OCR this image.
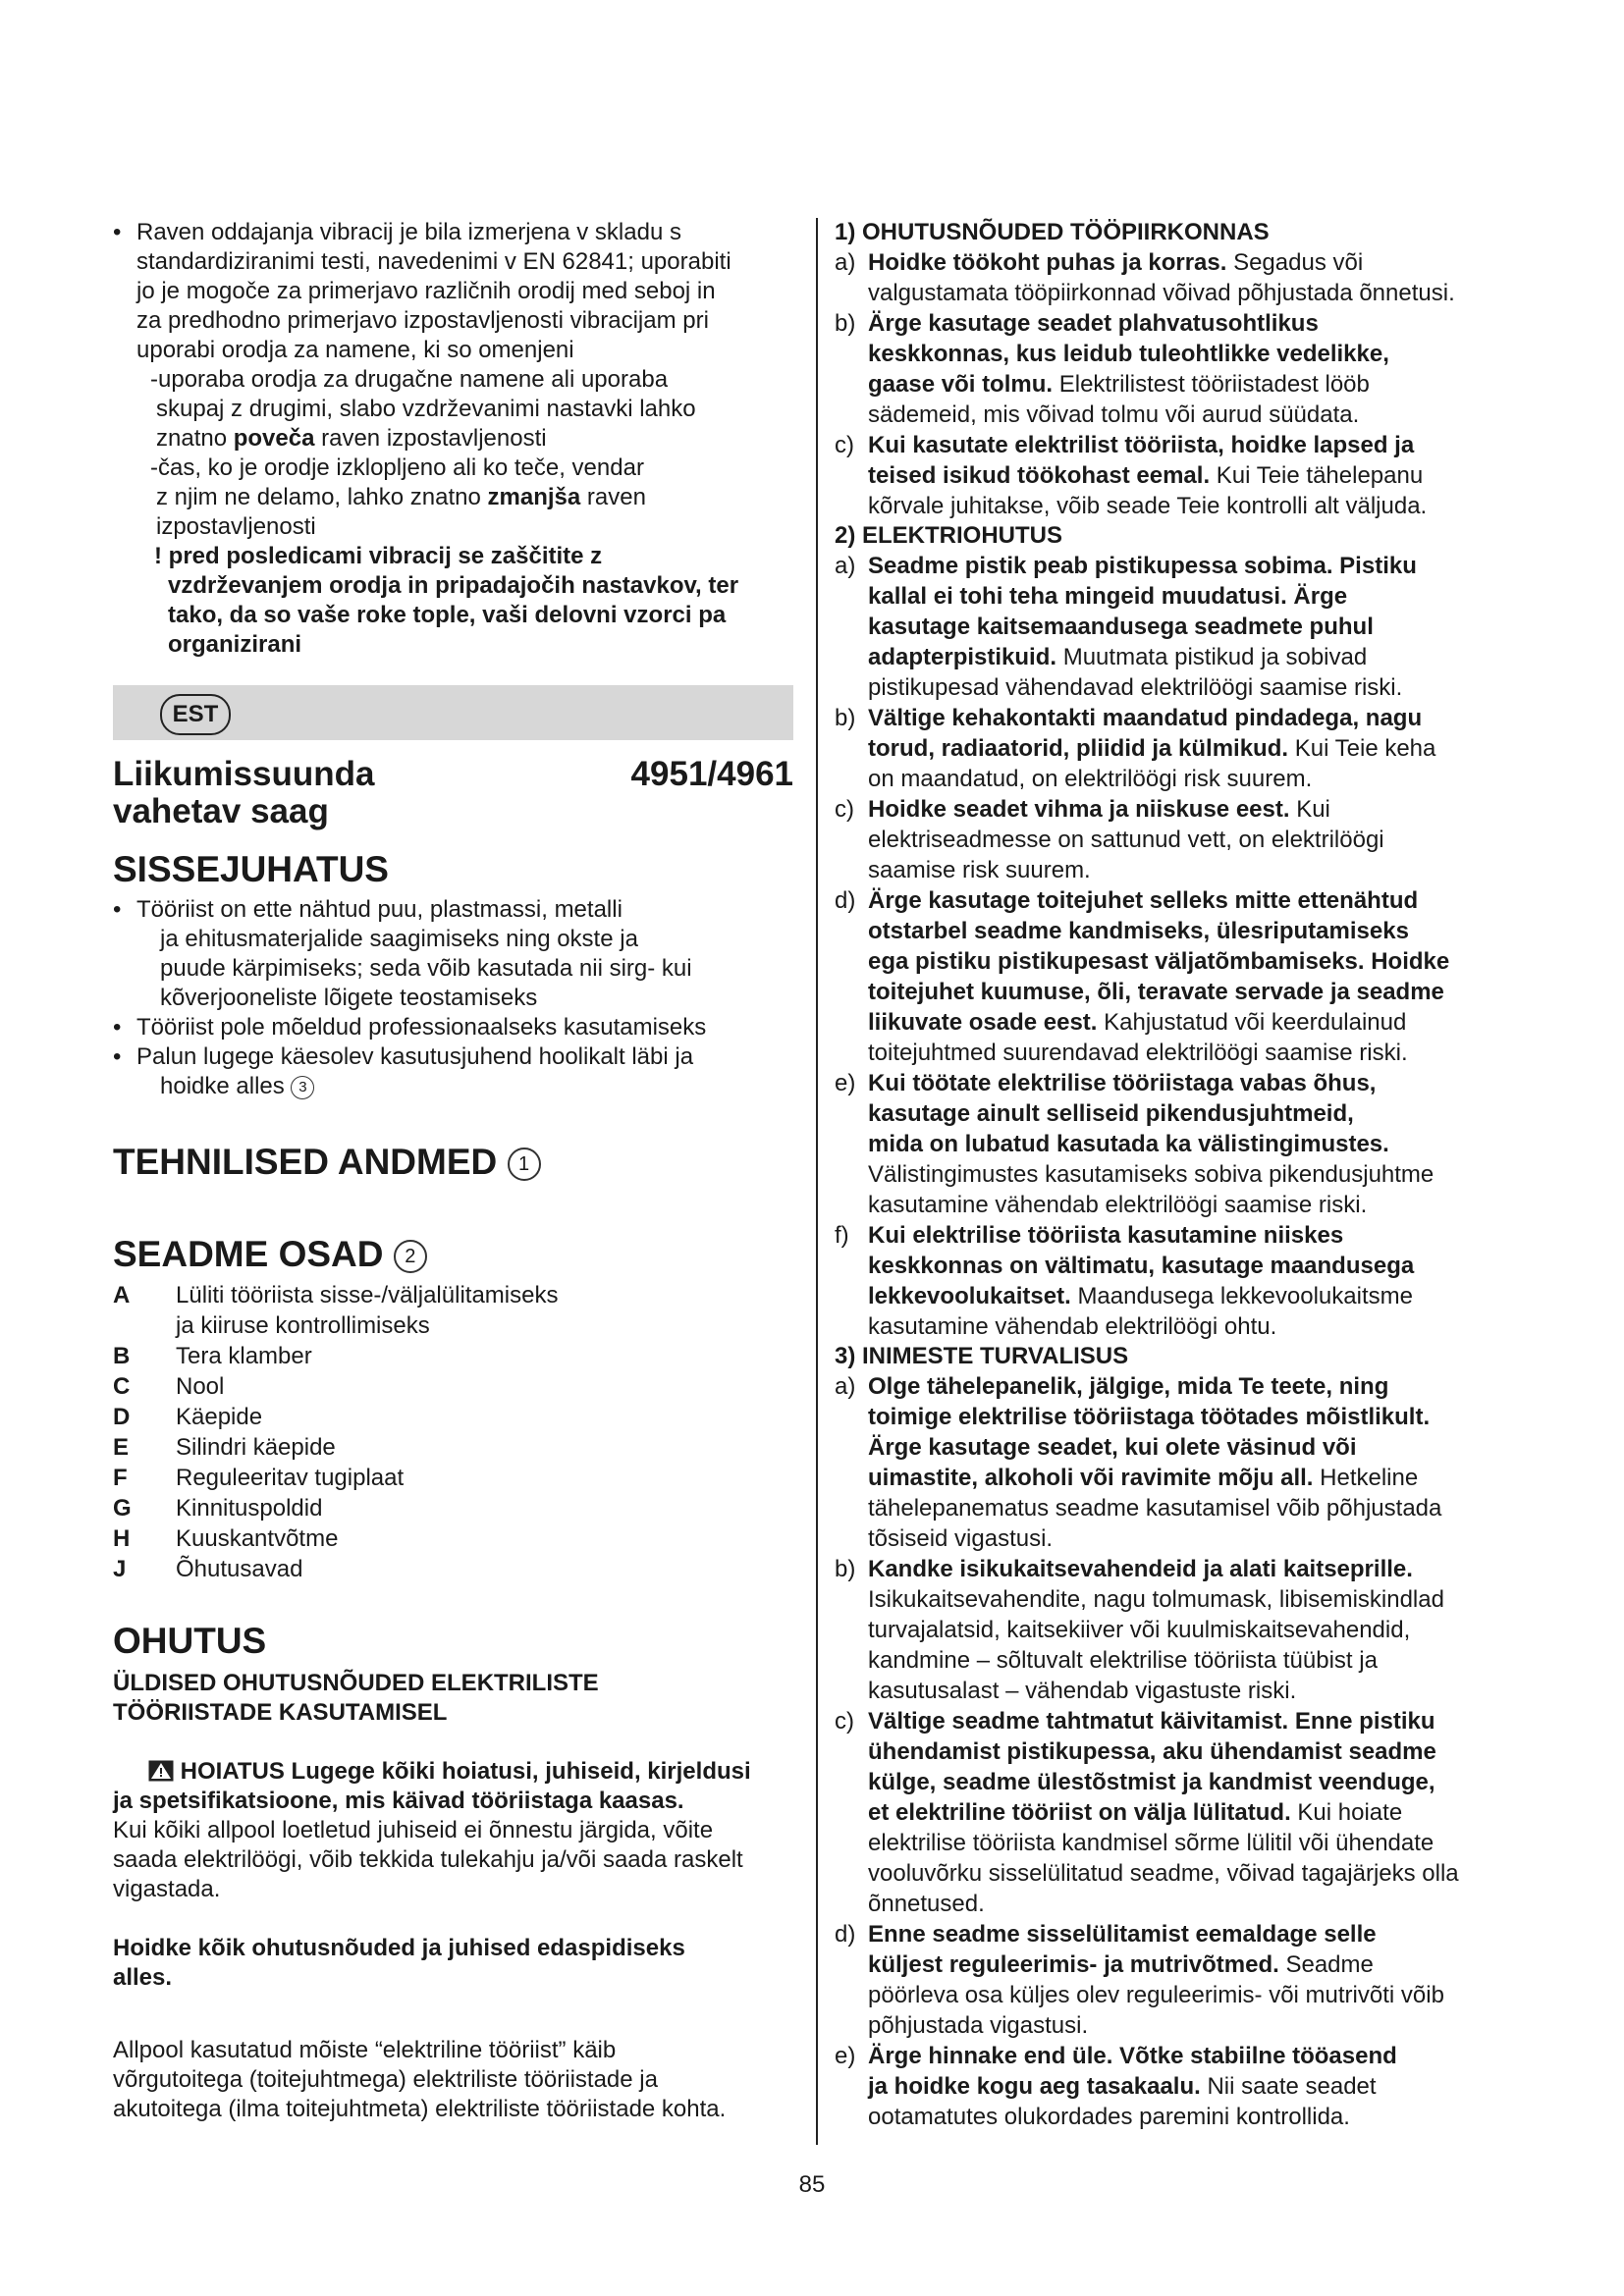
• Raven oddajanja vibracij je bila izmerjena v skladu s
standardiziranimi testi, navedenimi v EN 62841; uporabiti
jo je mogoče za primerjavo različnih orodij med seboj in
za predhodno primerjavo izpostavljenosti vibracijam pri
uporabi orodja za namene, ki so omenjeni
-uporaba orodja za drugačne namene ali uporaba
skupaj z drugimi, slabo vzdrževanimi nastavki lahko
znatno poveča raven izpostavljenosti
-čas, ko je orodje izklopljeno ali ko teče, vendar
z njim ne delamo, lahko znatno zmanjša raven
izpostavljenosti
! pred posledicami vibracij se zaščitite z
vzdrževanjem orodja in pripadajočih nastavkov, ter
tako, da so vaše roke tople, vaši delovni vzorci pa
organizirani
EST
Liikumissuunda
vahetav saag
4951/4961
SISSEJUHATUS
• Tööriist on ette nähtud puu, plastmassi, metalli
ja ehitusmaterjalide saagimiseks ning okste ja
puude kärpimiseks; seda võib kasutada nii sirg- kui
kõverjooneliste lõigete teostamiseks
• Tööriist pole mõeldud professionaalseks kasutamiseks
• Palun lugege käesolev kasutusjuhend hoolikalt läbi ja
hoidke alles 3
TEHNILISED ANDMED 1
SEADME OSAD 2
A	Lüliti tööriista sisse-/väljalülitamiseks
ja kiiruse kontrollimiseks
B	Tera klamber
C	Nool
D	Käepide
E	Silindri käepide
F	Reguleeritav tugiplaat
G	Kinnituspoldid
H	Kuuskantvõtme
J	Õhutusavad
OHUTUS
ÜLDISED OHUTUSNÕUDED ELEKTRILISTE
TÖÖRIISTADE KASUTAMISEL
HOIATUS Lugege kõiki hoiatusi, juhiseid, kirjeldusi
ja spetsifikatsioone, mis käivad tööriistaga kaasas.
Kui kõiki allpool loetletud juhiseid ei õnnestu järgida, võite
saada elektrilöögi, võib tekkida tulekahju ja/või saada raskelt
vigastada.
Hoidke kõik ohutusnõuded ja juhised edaspidiseks
alles.
Allpool kasutatud mõiste “elektriline tööriist” käib
võrgutoitega (toitejuhtmega) elektriliste tööriistade ja
akutoitega (ilma toitejuhtmeta) elektriliste tööriistade kohta.
1) OHUTUSNÕUDED TÖÖPIIRKONNAS
a) Hoidke töökoht puhas ja korras. Segadus või
valgustamata tööpiirkonnad võivad põhjustada õnnetusi.
b) Ärge kasutage seadet plahvatusohtlikus
keskkonnas, kus leidub tuleohtlikke vedelikke,
gaase või tolmu. Elektrilistest tööriistadest lööb
sädemeid, mis võivad tolmu või aurud süüdata.
c) Kui kasutate elektrilist tööriista, hoidke lapsed ja
teised isikud töökohast eemal. Kui Teie tähelepanu
kõrvale juhitakse, võib seade Teie kontrolli alt väljuda.
2) ELEKTRIOHUTUS
a) Seadme pistik peab pistikupessa sobima. Pistiku
kallal ei tohi teha mingeid muudatusi. Ärge
kasutage kaitsemaandusega seadmete puhul
adapterpistikuid. Muutmata pistikud ja sobivad
pistikupesad vähendavad elektrilöögi saamise riski.
b) Vältige kehakontakti maandatud pindadega, nagu
torud, radiaatorid, pliidid ja külmikud. Kui Teie keha
on maandatud, on elektrilöögi risk suurem.
c) Hoidke seadet vihma ja niiskuse eest. Kui
elektriseadmesse on sattunud vett, on elektrilöögi
saamise risk suurem.
d) Ärge kasutage toitejuhet selleks mitte ettenähtud
otstarbel seadme kandmiseks, ülesriputamiseks
ega pistiku pistikupesast väljatõmbamiseks. Hoidke
toitejuhet kuumuse, õli, teravate servade ja seadme
liikuvate osade eest. Kahjustatud või keerdulainud
toitejuhtmed suurendavad elektrilöögi saamise riski.
e) Kui töötate elektrilise tööriistaga vabas õhus,
kasutage ainult selliseid pikendusjuhtmeid,
mida on lubatud kasutada ka välistingimustes.
Välistingimustes kasutamiseks sobiva pikendusjuhtme
kasutamine vähendab elektrilöögi saamise riski.
f) Kui elektrilise tööriista kasutamine niiskes
keskkonnas on vältimatu, kasutage maandusega
lekkevoolukaitset. Maandusega lekkevoolukaitsme
kasutamine vähendab elektrilöögi ohtu.
3) INIMESTE TURVALISUS
a) Olge tähelepanelik, jälgige, mida Te teete, ning
toimige elektrilise tööriistaga töötades mõistlikult.
Ärge kasutage seadet, kui olete väsinud või
uimastite, alkoholi või ravimite mõju all. Hetkeline
tähelepanematus seadme kasutamisel võib põhjustada
tõsiseid vigastusi.
b) Kandke isikukaitsevahendeid ja alati kaitseprille.
Isikukaitsevahendite, nagu tolmumask, libisemiskindlad
turvajalatsid, kaitsekiiver või kuulmiskaitsevahendid,
kandmine – sõltuvalt elektrilise tööriista tüübist ja
kasutusalast – vähendab vigastuste riski.
c) Vältige seadme tahtmatut käivitamist. Enne pistiku
ühendamist pistikupessa, aku ühendamist seadme
külge, seadme ülestõstmist ja kandmist veenduge,
et elektriline tööriist on välja lülitatud. Kui hoiate
elektrilise tööriista kandmisel sõrme lülitil või ühendate
vooluvõrku sisselülitatud seadme, võivad tagajärjeks olla
õnnetused.
d) Enne seadme sisselülitamist eemaldage selle
küljest reguleerimis- ja mutrivõtmed. Seadme
pöörleva osa küljes olev reguleerimis- või mutrivõti võib
põhjustada vigastusi.
e) Ärge hinnake end üle. Võtke stabiilne tööasend
ja hoidke kogu aeg tasakaalu. Nii saate seadet
ootamatutes olukordades paremini kontrollida.
85
